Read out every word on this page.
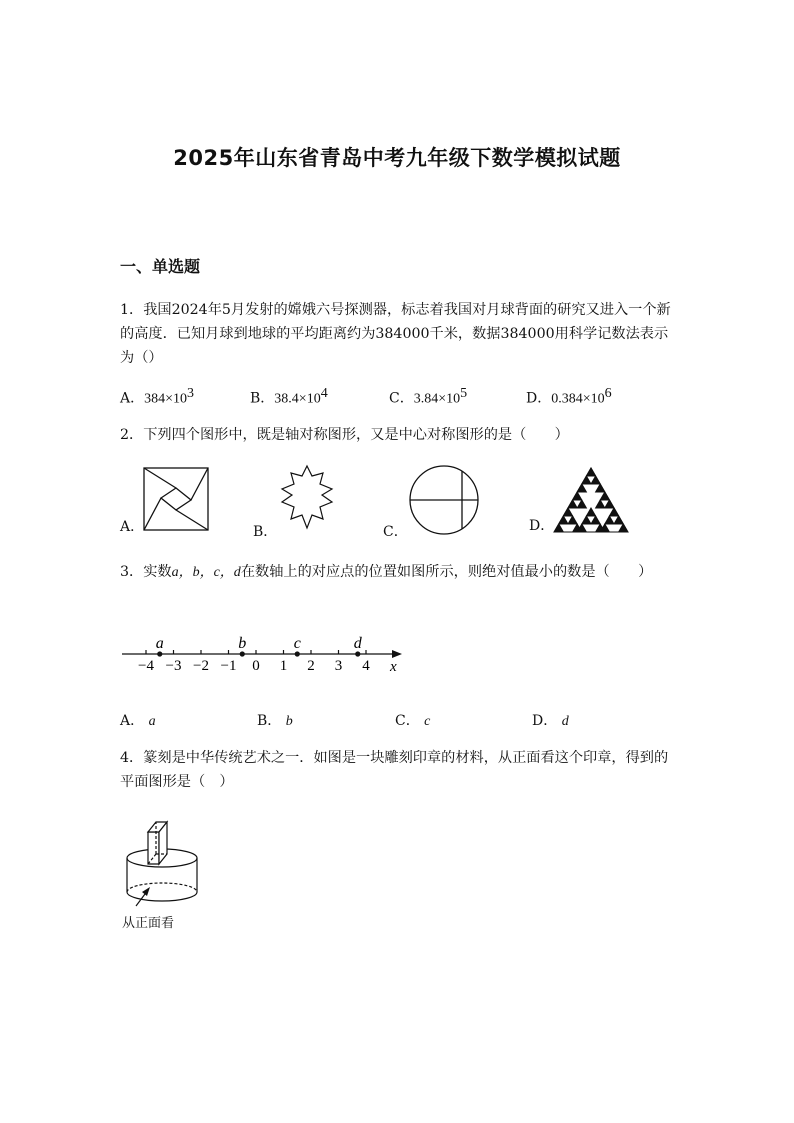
2025年山东省青岛中考九年级下数学模拟试题
一、单选题
1．我国2024年5月发射的嫦娥六号探测器，标志着我国对月球背面的研究又进入一个新的高度．已知月球到地球的平均距离约为384000千米，数据384000用科学记数法表示为（）
A．$384\times 10^3$	B．$38.4\times 10^4$	C．$3.84\times 10^5$	D．$0.384\times 10^6$
2．下列四个图形中，既是轴对称图形，又是中心对称图形的是（　　）
A．	B．	C．	D．
3．实数a，b，c，d在数轴上的对应点的位置如图所示，则绝对值最小的数是（　　）
x
−4 −3 −2 −1 0 1 2 3 4
a	b	c	d
A． a	B． b	C． c	D． d
4．篆刻是中华传统艺术之一．如图是一块雕刻印章的材料，从正面看这个印章，得到的平面图形是（　）
从正面看
